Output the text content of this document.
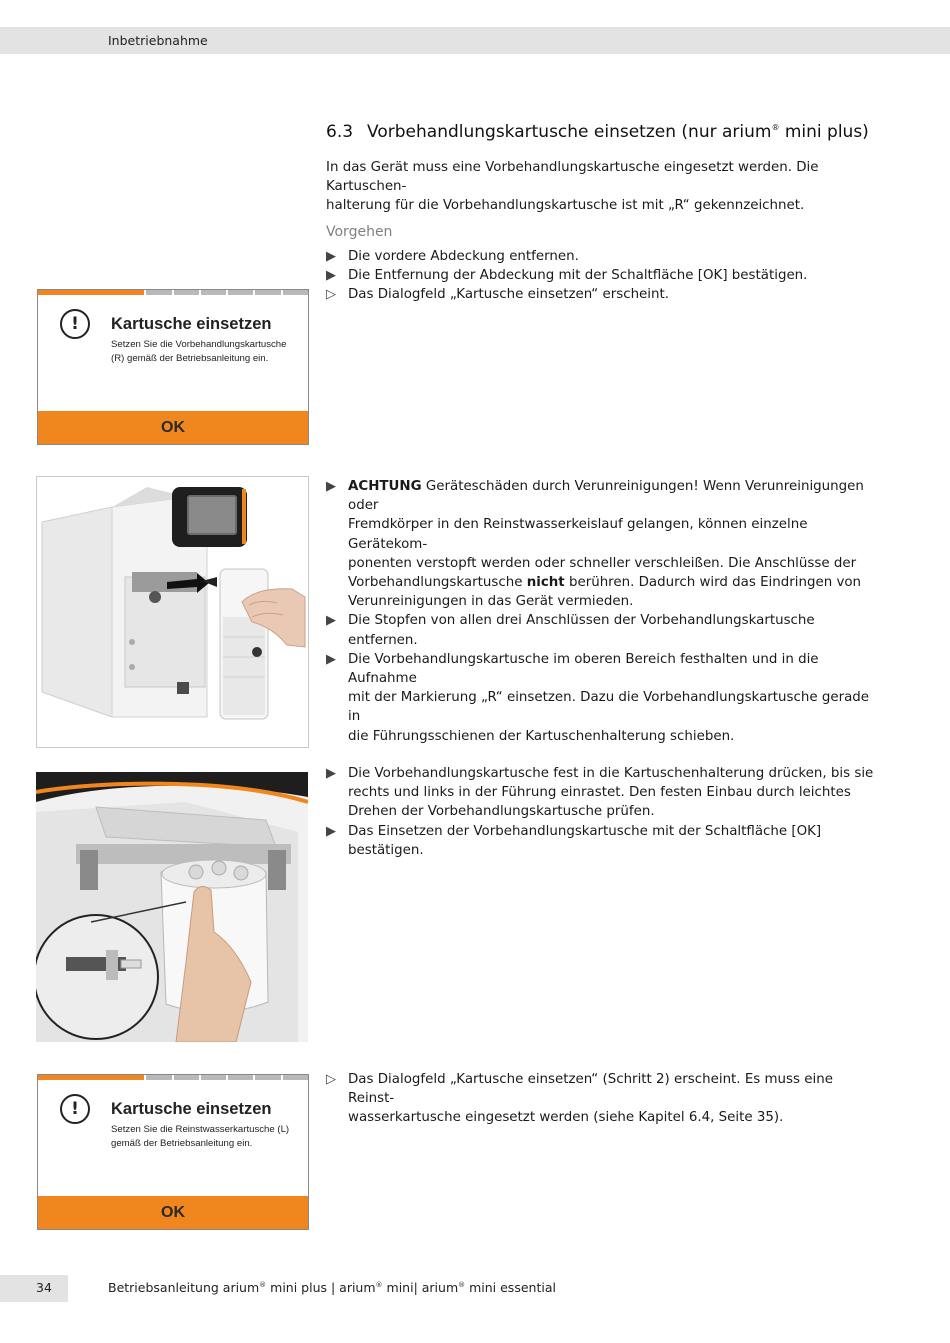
Inbetriebnahme
6.3 Vorbehandlungskartusche einsetzen (nur arium® mini plus)
In das Gerät muss eine Vorbehandlungskartusche eingesetzt werden. Die Kartuschen-
halterung für die Vorbehandlungskartusche ist mit „R“ gekennzeichnet.
Vorgehen
▶ Die vordere Abdeckung entfernen.
▶ Die Entfernung der Abdeckung mit der Schaltfläche [OK] bestätigen.
▷ Das Dialogfeld „Kartusche einsetzen“ erscheint.
!	Kartusche einsetzen
Setzen Sie die Vorbehandlungskartusche
(R) gemäß der Betriebsanleitung ein.
OK
▶ ACHTUNG Geräteschäden durch Verunreinigungen! Wenn Verunreinigungen oder
Fremdkörper in den Reinstwasserkeislauf gelangen, können einzelne Gerätekom-
ponenten verstopft werden oder schneller verschleißen. Die Anschlüsse der
Vorbehandlungskartusche nicht berühren. Dadurch wird das Eindringen von
Verunreinigungen in das Gerät vermieden.
▶ Die Stopfen von allen drei Anschlüssen der Vorbehandlungskartusche entfernen.
▶ Die Vorbehandlungskartusche im oberen Bereich festhalten und in die Aufnahme
mit der Markierung „R“ einsetzen. Dazu die Vorbehandlungskartusche gerade in
die Führungsschienen der Kartuschenhalterung schieben.
▶ Die Vorbehandlungskartusche fest in die Kartuschenhalterung drücken, bis sie
rechts und links in der Führung einrastet. Den festen Einbau durch leichtes
Drehen der Vorbehandlungskartusche prüfen.
▶ Das Einsetzen der Vorbehandlungskartusche mit der Schaltfläche [OK] bestätigen.
!	Kartusche einsetzen
Setzen Sie die Reinstwasserkartusche (L)
gemäß der Betriebsanleitung ein.
OK
▷ Das Dialogfeld „Kartusche einsetzen“ (Schritt 2) erscheint. Es muss eine Reinst-
wasserkartusche eingesetzt werden (siehe Kapitel 6.4, Seite 35).
34	Betriebsanleitung arium® mini plus | arium® mini| arium® mini essential
